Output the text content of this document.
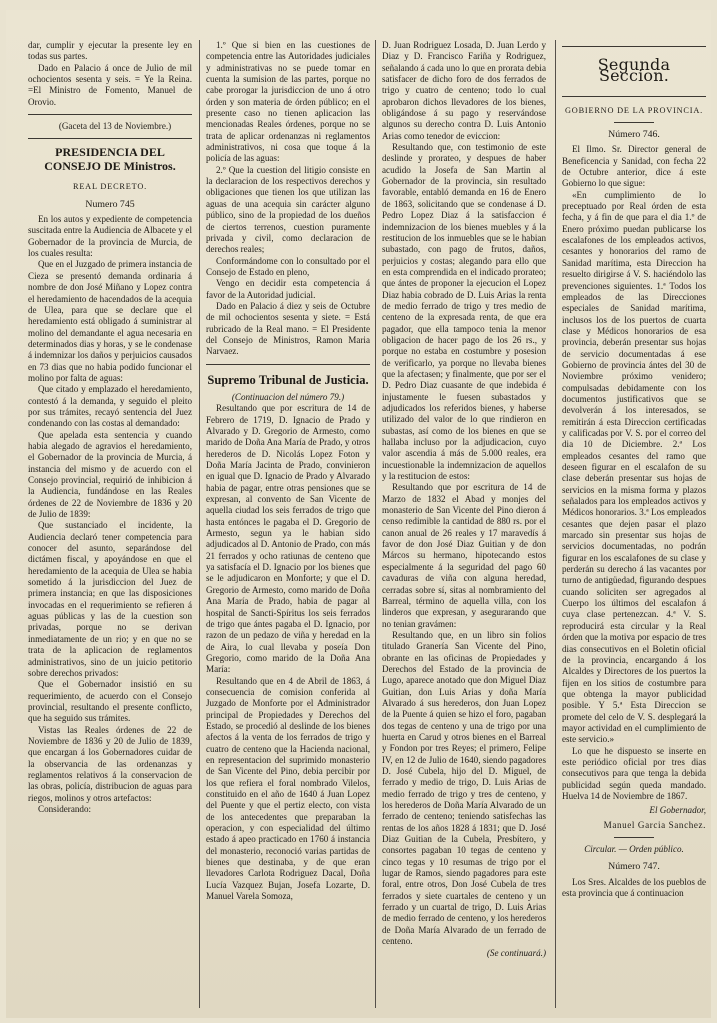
dar, cumplir y ejecutar la presente ley en todas sus partes.

Dado en Palacio á once de Julio de mil ochocientos sesenta y seis. = Ye la Reina. =El Ministro de Fomento, Manuel de Orovio.

(Gaceta del 13 de Noviembre.)

PRESIDENCIA DEL CONSEJO DE Ministros.
REAL DECRETO.
Numero 745

En los autos y expediente de competencia suscitada entre la Audiencia de Albacete y el Gobernador de la provincia de Murcia, de los cuales resulta:

Que en el Juzgado de primera instancia de Cieza se presentó demanda ordinaria á nombre de don José Miñano y Lopez contra el heredamiento de hacendados de la acequia de Ulea, para que se declare que el heredamiento está obligado á suministrar al molino del demandante el agua necesaria en determinados dias y horas, y se le condenase á indemnizar los daños y perjuicios causados en 73 dias que no habia podido funcionar el molino por falta de aguas:

Que citado y emplazado el heredamiento, contestó á la demanda, y seguido el pleito por sus trámites, recayó sentencia del Juez condenando con las costas al demandado:

Que apelada esta sentencia y cuando habia alegado de agravios el heredamiento, el Gobernador de la provincia de Murcia, á instancia del mismo y de acuerdo con el Consejo provincial, requirió de inhibicion á la Audiencia, fundándose en las Reales órdenes de 22 de Noviembre de 1836 y 20 de Julio de 1839:

Que sustanciado el incidente, la Audiencia declaró tener competencia para conocer del asunto, separándose del dictámen fiscal, y apoyándose en que el heredamiento de la acequia de Ulea se habia sometido á la jurisdiccion del Juez de primera instancia; en que las disposiciones invocadas en el requerimiento se refieren á aguas públicas y las de la cuestion son privadas, porque no se derivan inmediatamente de un rio; y en que no se trata de la aplicacion de reglamentos administrativos, sino de un juicio petitorio sobre derechos privados:

Que el Gobernador insistió en su requerimiento, de acuerdo con el Consejo provincial, resultando el presente conflicto, que ha seguido sus trámites.

Vistas las Reales órdenes de 22 de Noviembre de 1836 y 20 de Julio de 1839, que encargan á los Gobernadores cuidar de la observancia de las ordenanzas y reglamentos relativos á la conservacion de las obras, policía, distribucion de aguas para riegos, molinos y otros artefactos:

Considerando:

1.º Que si bien en las cuestiones de competencia entre las Autoridades judiciales y administrativas no se puede tomar en cuenta la sumision de las partes, porque no cabe prorogar la jurisdiccion de uno á otro órden y son materia de órden público; en el presente caso no tienen aplicacion las mencionadas Reales órdenes, porque no se trata de aplicar ordenanzas ni reglamentos administrativos, ni cosa que toque á la policía de las aguas:

2.º Que la cuestion del litigio consiste en la declaracion de los respectivos derechos y obligaciones que tienen los que utilizan las aguas de una acequia sin carácter alguno público, sino de la propiedad de los dueños de ciertos terrenos, cuestion puramente privada y civil, como declaracion de derechos reales;

Conformándome con lo consultado por el Consejo de Estado en pleno,

Vengo en decidir esta competencia á favor de la Autoridad judicial.

Dado en Palacio á diez y seis de Octubre de mil ochocientos sesenta y siete. = Está rubricado de la Real mano. = El Presidente del Consejo de Ministros, Ramon Maria Narvaez.

Supremo Tribunal de Justicia.

(Continuacion del número 79.)

Resultando que por escritura de 14 de Febrero de 1719, D. Ignacio de Prado y Alvarado y D. Gregorio de Armesto, como marido de Doña Ana María de Prado, y otros herederos de D. Nicolás Lopez Foton y Doña María Jacinta de Prado, convinieron en igual que D. Ignacio de Prado y Alvarado habia de pagar, entre otras pensiones que se expresan, al convento de San Vicente de aquella ciudad los seis ferrados de trigo que hasta entónces le pagaba el D. Gregorio de Armesto, segun ya le habian sido adjudicados al D. Antonio de Prado, con más 21 ferrados y ocho ratiunas de centeno que ya satisfacía el D. Ignacio por los bienes que se le adjudicaron en Monforte; y que el D. Gregorio de Armesto, como marido de Doña Ana María de Prado, habia de pagar al hospital de Sancti-Spíritus los seis ferrados de trigo que ántes pagaba el D. Ignacio, por razon de un pedazo de viña y heredad en la de Aira, lo cual llevaba y poseía Don Gregorio, como marido de la Doña Ana María:

Resultando que en 4 de Abril de 1863, á consecuencia de comision conferida al Juzgado de Monforte por el Administrador principal de Propiedades y Derechos del Estado, se procedió al deslinde de los bienes afectos á la venta de los ferrados de trigo y cuatro de centeno que la Hacienda nacional, en representacion del suprimido monasterio de San Vicente del Pino, debia percibir por los que refiera el foral nombrado Vilelos, constituido en el año de 1640 á Juan Lopez del Puente y que el pertiz electo, con vista de los antecedentes que preparaban la operacion, y con especialidad del último estado á apeo practicado en 1760 á instancia del monasterio, reconoció varias partidas de bienes que destinaba, y de que eran llevadores Carlota Rodriguez Dacal, Doña Lucía Vazquez Bujan, Josefa Lozarte, D. Manuel Varela Somoza,

D. Juan Rodriguez Losada, D. Juan Lerdo y Diaz y D. Francisco Fariña y Rodriguez, señalando á cada uno lo que en prorata debia satisfacer de dicho foro de dos ferrados de trigo y cuatro de centeno; todo lo cual aprobaron dichos llevadores de los bienes, obligándose á su pago y reservándose algunos su derecho contra D. Luis Antonio Arias como tenedor de eviccion:

Resultando que, con testimonio de este deslinde y prorateo, y despues de haber acudido la Josefa de San Martin al Gobernador de la provincia, sin resultado favorable, entabló demanda en 16 de Enero de 1863, solicitando que se condenase á D. Pedro Lopez Diaz á la satisfaccion é indemnizacion de los bienes muebles y á la restitucion de los inmuebles que se le habian subastado, con pago de frutos, daños, perjuicios y costas; alegando para ello que en esta comprendida en el indicado prorateo; que ántes de proponer la ejecucion el Lopez Diaz habia cobrado de D. Luis Arias la renta de medio ferrado de trigo y tres medio de centeno de la expresada renta, de que era pagador, que ella tampoco tenia la menor obligacion de hacer pago de los 26 rs., y porque no estaba en costumbre y posesion de verificarlo, ya porque no llevaba bienes que la afectasen; y finalmente, que por ser el D. Pedro Diaz cuasante de que indebida é injustamente le fuesen subastados y adjudicados los referidos bienes, y haberse utilizado del valor de lo que rindieron en subastas, así como de los bienes en que se hallaba incluso por la adjudicacion, cuyo valor ascendia á más de 5.000 reales, era incuestionable la indemnizacion de aquellos y la restitucion de estos:

Resultando que por escritura de 14 de Marzo de 1832 el Abad y monjes del monasterio de San Vicente del Pino dieron á censo redimible la cantidad de 880 rs. por el canon anual de 26 reales y 17 maravedís á favor de don José Diaz Guitian y de don Márcos su hermano, hipotecando estos especialmente á la seguridad del pago 60 cavaduras de viña con alguna heredad, cerradas sobre sí, sitas al nombramiento del Barreal, término de aquella villa, con los linderos que expresan, y asegurarando que no tenian gravámen:

Resultando que, en un libro sin folios titulado Granería San Vicente del Pino, obrante en las oficinas de Propiedades y Derechos del Estado de la provincia de Lugo, aparece anotado que don Miguel Diaz Guitian, don Luis Arias y doña María Alvarado á sus herederos, don Juan Lopez de la Puente á quien se hizo el foro, pagaban dos tegas de centeno y una de trigo por una huerta en Carud y otros bienes en el Barreal y Fondon por tres Reyes; el primero, Felipe IV, en 12 de Julio de 1640, siendo pagadores D. José Cubela, hijo del D. Miguel, de ferrado y medio de trigo, D. Luis Arias de medio ferrado de trigo y tres de centeno, y los herederos de Doña María Alvarado de un ferrado de centeno; teniendo satisfechas las rentas de los años 1828 á 1831; que D. José Diaz Guitian de la Cubela, Presbítero, y consortes pagaban 10 tegas de centeno y cinco tegas y 10 resumas de trigo por el lugar de Ramos, siendo pagadores para este foral, entre otros, Don José Cubela de tres ferrados y siete cuartales de centeno y un ferrado y un cuartal de trigo, D. Luis Arias de medio ferrado de centeno, y los herederos de Doña María Alvarado de un ferrado de centeno.

(Se continuará.)

Segunda Seccion.
GOBIERNO DE LA PROVINCIA.
Número 746.

El Ilmo. Sr. Director general de Beneficencia y Sanidad, con fecha 22 de Octubre anterior, dice á este Gobierno lo que sigue:

«En cumplimiento de lo preceptuado por Real órden de esta fecha, y á fin de que para el dia 1.º de Enero próximo puedan publicarse los escalafones de los empleados activos, cesantes y honorarios del ramo de Sanidad marítima, esta Direccion ha resuelto dirigirse á V. S. haciéndolo las prevenciones siguientes. 1.ª Todos los empleados de las Direcciones especiales de Sanidad marítima, inclusos los de los puertos de cuarta clase y Médicos honorarios de esa provincia, deberán presentar sus hojas de servicio documentadas á ese Gobierno de provincia ántes del 30 de Noviembre próximo venidero; compulsadas debidamente con los documentos justificativos que se devolverán á los interesados, se remitirán á esta Direccion certificadas y calificadas por V. S. por el correo del dia 10 de Diciembre. 2.ª Los empleados cesantes del ramo que deseen figurar en el escalafon de su clase deberán presentar sus hojas de servicios en la misma forma y plazos señalados para los empleados activos y Médicos honorarios. 3.ª Los empleados cesantes que dejen pasar el plazo marcado sin presentar sus hojas de servicios documentadas, no podrán figurar en los escalafones de su clase y perderán su derecho á las vacantes por turno de antigüedad, figurando despues cuando soliciten ser agregados al Cuerpo los últimos del escalafon á cuya clase pertenezcan. 4.ª V. S. reproducirá esta circular y la Real órden que la motiva por espacio de tres dias consecutivos en el Boletin oficial de la provincia, encargando á los Alcaldes y Directores de los puertos la fijen en los sitios de costumbre para que obtenga la mayor publicidad posible. Y 5.ª Esta Direccion se promete del celo de V. S. desplegará la mayor actividad en el cumplimiento de este servicio.»

Lo que he dispuesto se inserte en este periódico oficial por tres dias consecutivos para que tenga la debida publicidad según queda mandado. Huelva 14 de Noviembre de 1867.

El Gobernador,

Manuel Garcia Sanchez.

Circular. — Orden público.

Número 747.

Los Sres. Alcaldes de los pueblos de esta provincia que á continuacion
